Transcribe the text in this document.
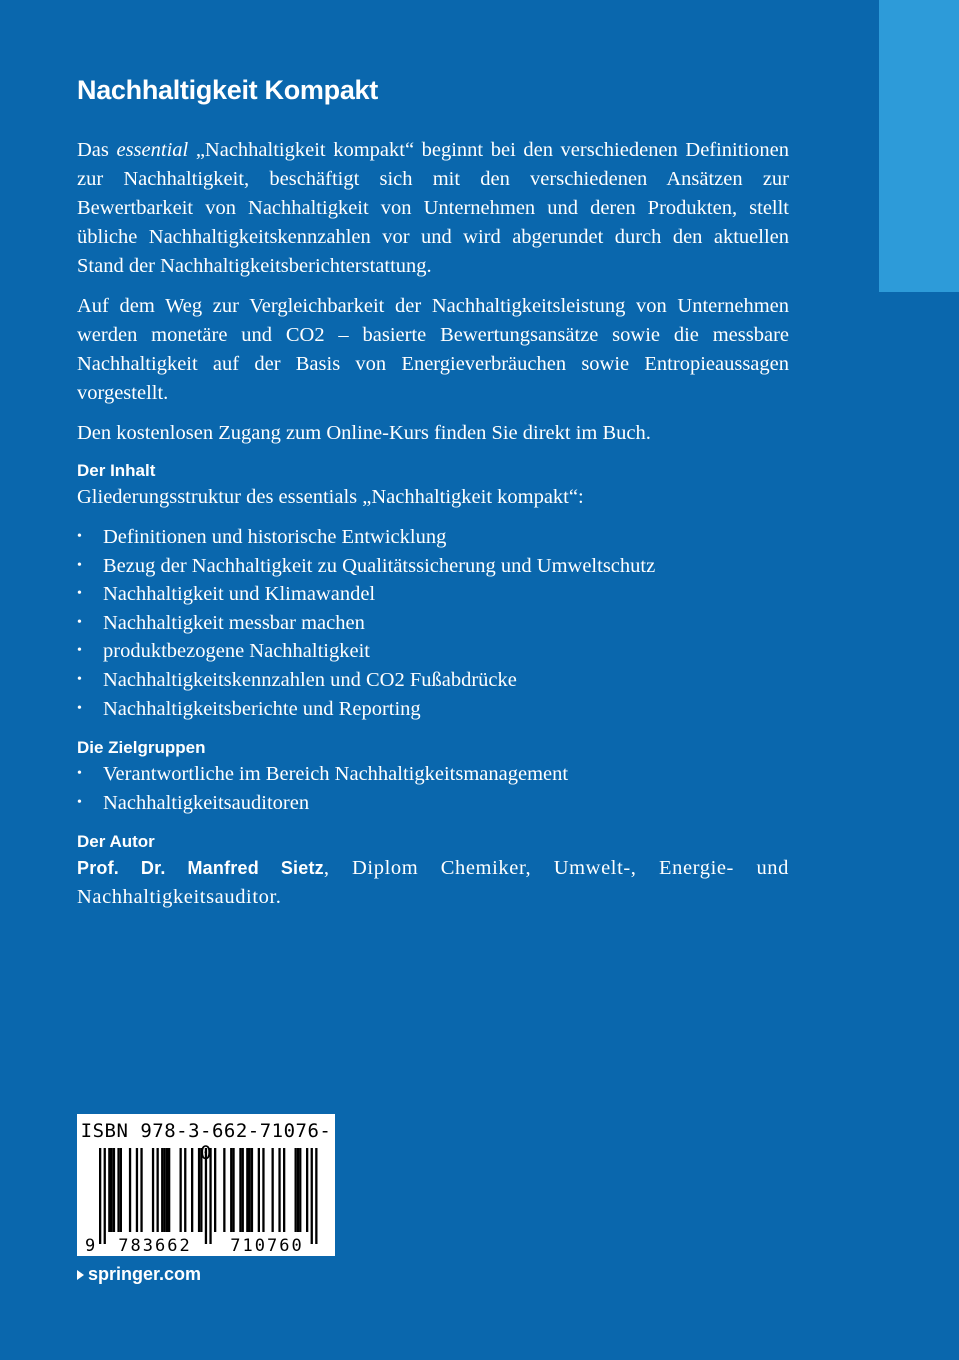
Nachhaltigkeit Kompakt

Das essential „Nachhaltigkeit kompakt“ beginnt bei den verschiedenen Definitionen zur Nachhaltigkeit, beschäftigt sich mit den verschiedenen Ansätzen zur Bewertbarkeit von Nachhaltigkeit von Unternehmen und deren Produkten, stellt übliche Nachhaltigkeitskennzahlen vor und wird abgerundet durch den aktuellen Stand der Nachhaltigkeitsberichterstattung.

Auf dem Weg zur Vergleichbarkeit der Nachhaltigkeitsleistung von Unternehmen werden monetäre und CO2 – basierte Bewertungsansätze sowie die messbare Nachhaltigkeit auf der Basis von Energieverbräuchen sowie Entropieaussagen vorgestellt.

Den kostenlosen Zugang zum Online-Kurs finden Sie direkt im Buch.

Der Inhalt

Gliederungsstruktur des essentials „Nachhaltigkeit kompakt“:

• Definitionen und historische Entwicklung
• Bezug der Nachhaltigkeit zu Qualitätssicherung und Umweltschutz
• Nachhaltigkeit und Klimawandel
• Nachhaltigkeit messbar machen
• produktbezogene Nachhaltigkeit
• Nachhaltigkeitskennzahlen und CO2 Fußabdrücke
• Nachhaltigkeitsberichte und Reporting
Die Zielgruppen
• Verantwortliche im Bereich Nachhaltigkeitsmanagement
• Nachhaltigkeitsauditoren
Der Autor

Prof. Dr. Manfred Sietz, Diplom Chemiker, Umwelt-, Energie- und Nachhaltigkeitsauditor.

ISBN 978-3-662-71076-0
9 783662 710760
springer.com
